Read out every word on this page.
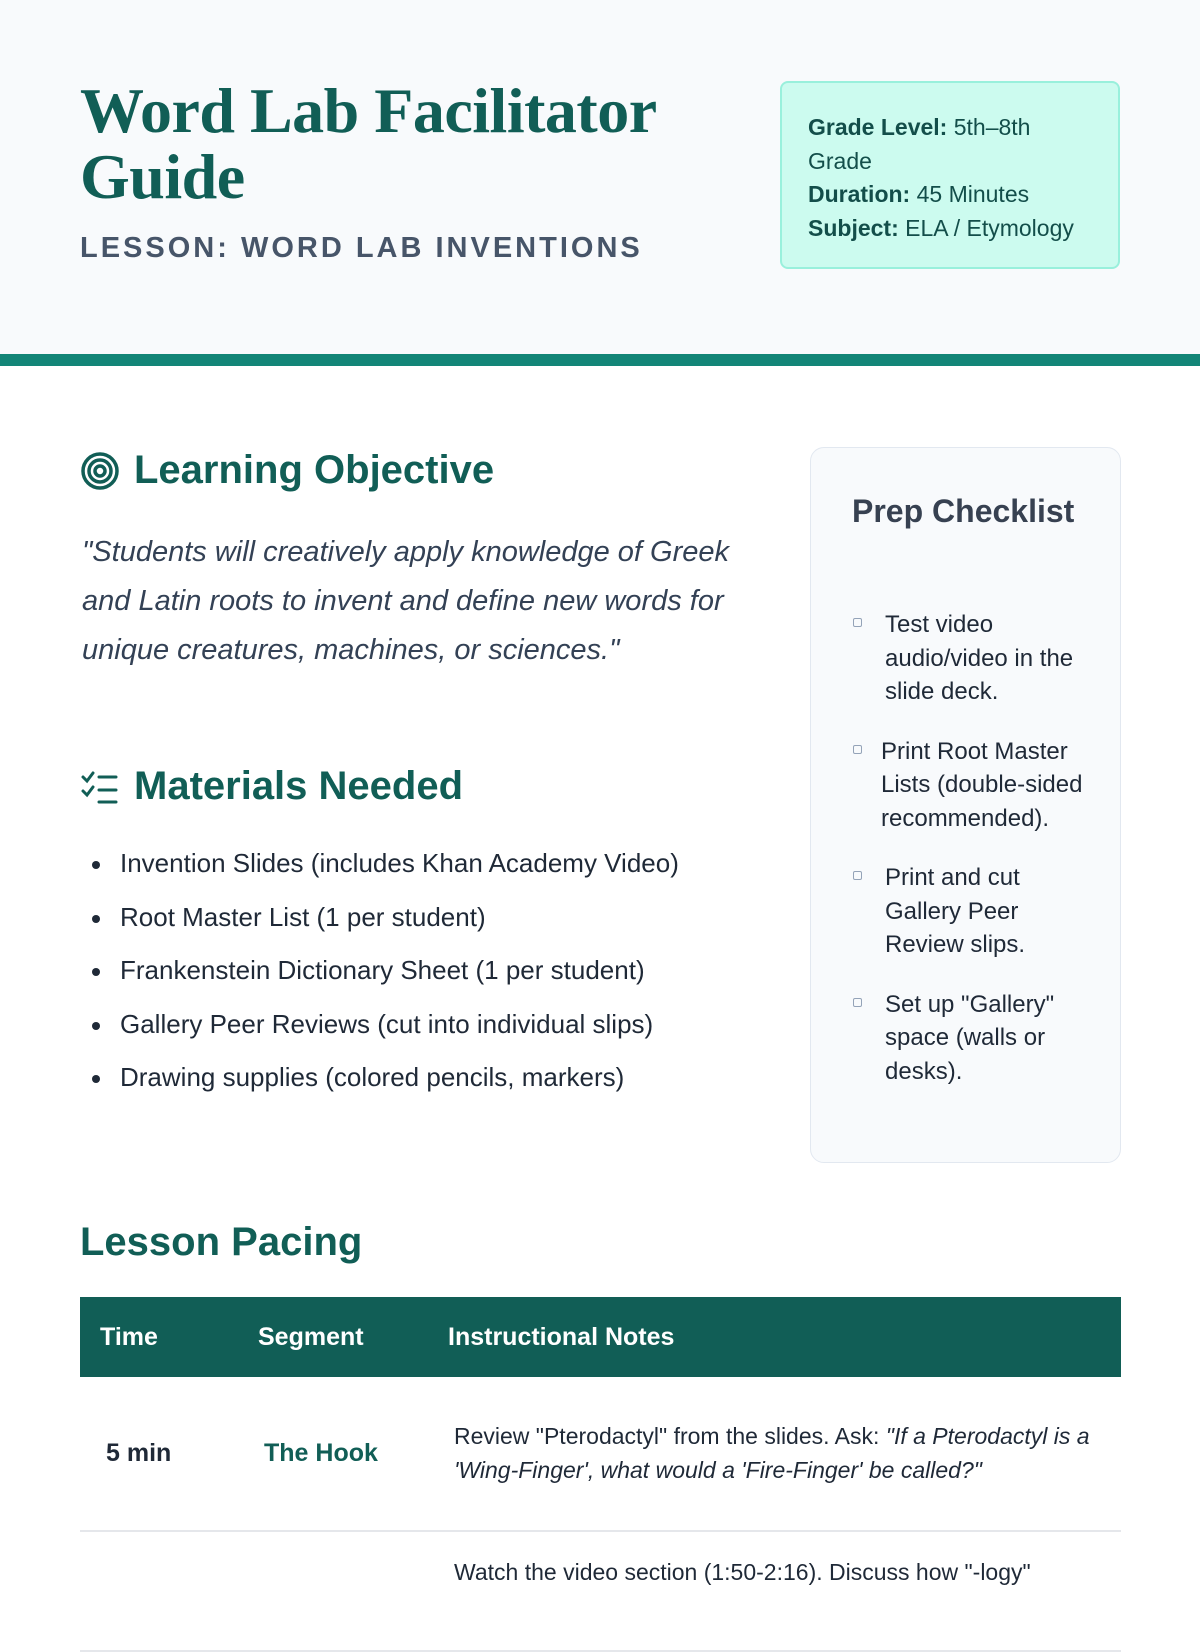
Word Lab Facilitator Guide
LESSON: WORD LAB INVENTIONS
Grade Level: 5th–8th Grade
Duration: 45 Minutes
Subject: ELA / Etymology
Learning Objective

"Students will creatively apply knowledge of Greek and Latin roots to invent and define new words for unique creatures, machines, or sciences."

Materials Needed
Invention Slides (includes Khan Academy Video)
Root Master List (1 per student)
Frankenstein Dictionary Sheet (1 per student)
Gallery Peer Reviews (cut into individual slips)
Drawing supplies (colored pencils, markers)
Prep Checklist
Test video audio/video in the slide deck.
Print Root Master Lists (double-sided recommended).
Print and cut Gallery Peer Review slips.
Set up "Gallery" space (walls or desks).
Lesson Pacing
Time	Segment	Instructional Notes
5 min	The Hook	Review "Pterodactyl" from the slides. Ask: "If a Pterodactyl is a 'Wing-Finger', what would a 'Fire-Finger' be called?"
		Watch the video section (1:50-2:16). Discuss how "-logy"
